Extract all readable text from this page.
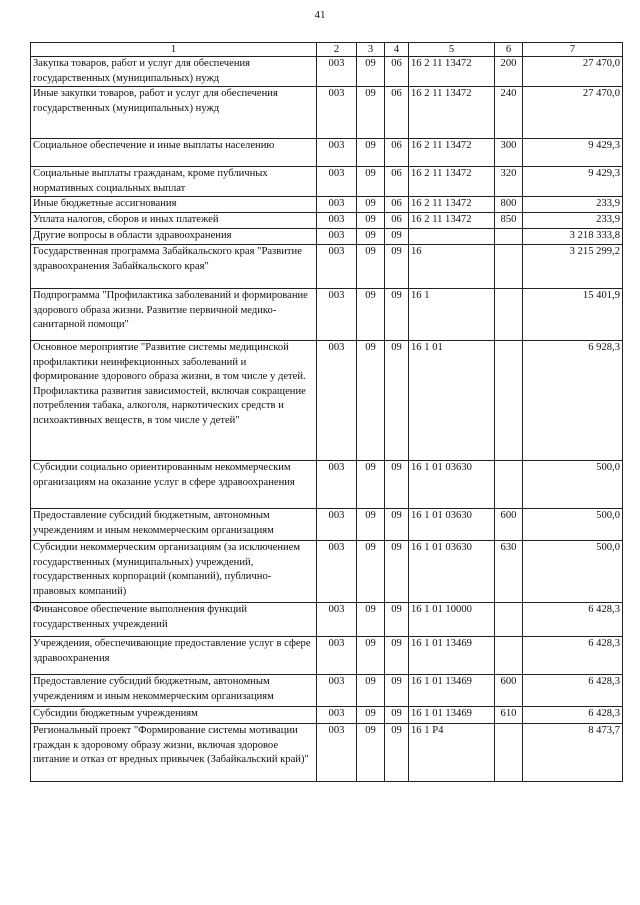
41
1	2	3	4	5	6	7
Закупка товаров, работ и услуг для обеспечения государственных (муниципальных) нужд	003	09	06	16 2 11 13472	200	27 470,0
Иные закупки товаров, работ и услуг для обеспечения государственных (муниципальных) нужд	003	09	06	16 2 11 13472	240	27 470,0
Социальное обеспечение и иные выплаты населению	003	09	06	16 2 11 13472	300	9 429,3
Социальные выплаты гражданам, кроме публичных нормативных социальных выплат	003	09	06	16 2 11 13472	320	9 429,3
Иные бюджетные ассигнования	003	09	06	16 2 11 13472	800	233,9
Уплата налогов, сборов и иных платежей	003	09	06	16 2 11 13472	850	233,9
Другие вопросы в области здравоохранения	003	09	09			3 218 333,8
Государственная программа Забайкальского края "Развитие здравоохранения Забайкальского края"	003	09	09	16		3 215 299,2
Подпрограмма "Профилактика заболеваний и формирование здорового образа жизни. Развитие первичной медико-санитарной помощи"	003	09	09	16 1		15 401,9
Основное мероприятие "Развитие системы медицинской профилактики неинфекционных заболеваний и формирование здорового образа жизни, в том числе у детей. Профилактика развития зависимостей, включая сокращение потребления табака, алкоголя, наркотических средств и психоактивных веществ, в том числе у детей"	003	09	09	16 1 01		6 928,3
Субсидии социально ориентированным некоммерческим организациям на оказание услуг в сфере здравоохранения	003	09	09	16 1 01 03630		500,0
Предоставление субсидий бюджетным, автономным учреждениям и иным некоммерческим организациям	003	09	09	16 1 01 03630	600	500,0
Субсидии некоммерческим организациям (за исключением государственных (муниципальных) учреждений, государственных корпораций (компаний), публично-правовых компаний)	003	09	09	16 1 01 03630	630	500,0
Финансовое обеспечение выполнения функций государственных учреждений	003	09	09	16 1 01 10000		6 428,3
Учреждения, обеспечивающие предоставление услуг в сфере здравоохранения	003	09	09	16 1 01 13469		6 428,3
Предоставление субсидий бюджетным, автономным учреждениям и иным некоммерческим организациям	003	09	09	16 1 01 13469	600	6 428,3
Субсидии бюджетным учреждениям	003	09	09	16 1 01 13469	610	6 428,3
Региональный проект "Формирование системы мотивации граждан к здоровому образу жизни, включая здоровое питание и отказ от вредных привычек (Забайкальский край)"	003	09	09	16 1 P4		8 473,7
